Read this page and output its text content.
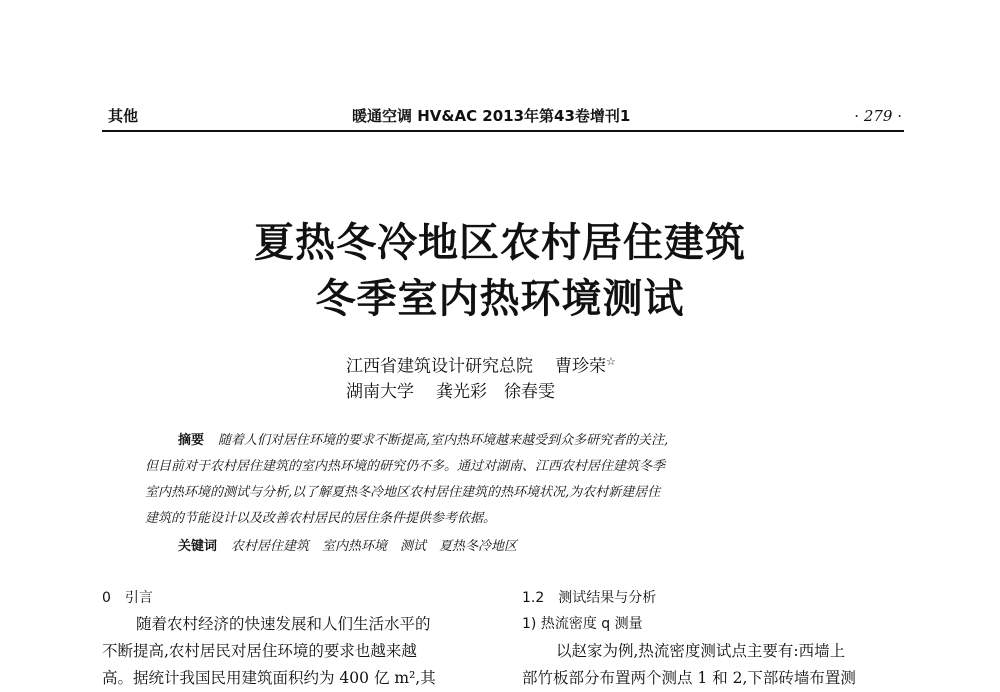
其他	暖通空调 HV&AC 2013年第43卷增刊1	· 279 ·
夏热冬冷地区农村居住建筑
冬季室内热环境测试
江西省建筑设计研究总院 曹珍荣☆
湖南大学 龚光彩　徐春雯
摘要 随着人们对居住环境的要求不断提高,室内热环境越来越受到众多研究者的关注,
但目前对于农村居住建筑的室内热环境的研究仍不多。通过对湖南、江西农村居住建筑冬季
室内热环境的测试与分析,以了解夏热冬冷地区农村居住建筑的热环境状况,为农村新建居住
建筑的节能设计以及改善农村居民的居住条件提供参考依据。
关键词 农村居住建筑　室内热环境　测试　夏热冬冷地区
0　引言
随着农村经济的快速发展和人们生活水平的
不断提高,农村居民对居住环境的要求也越来越
高。据统计我国民用建筑面积约为 400 亿 m²,其
1.2　测试结果与分析
1) 热流密度 q 测量
以赵家为例,热流密度测试点主要有:西墙上
部竹板部分布置两个测点 1 和 2,下部砖墙布置测
